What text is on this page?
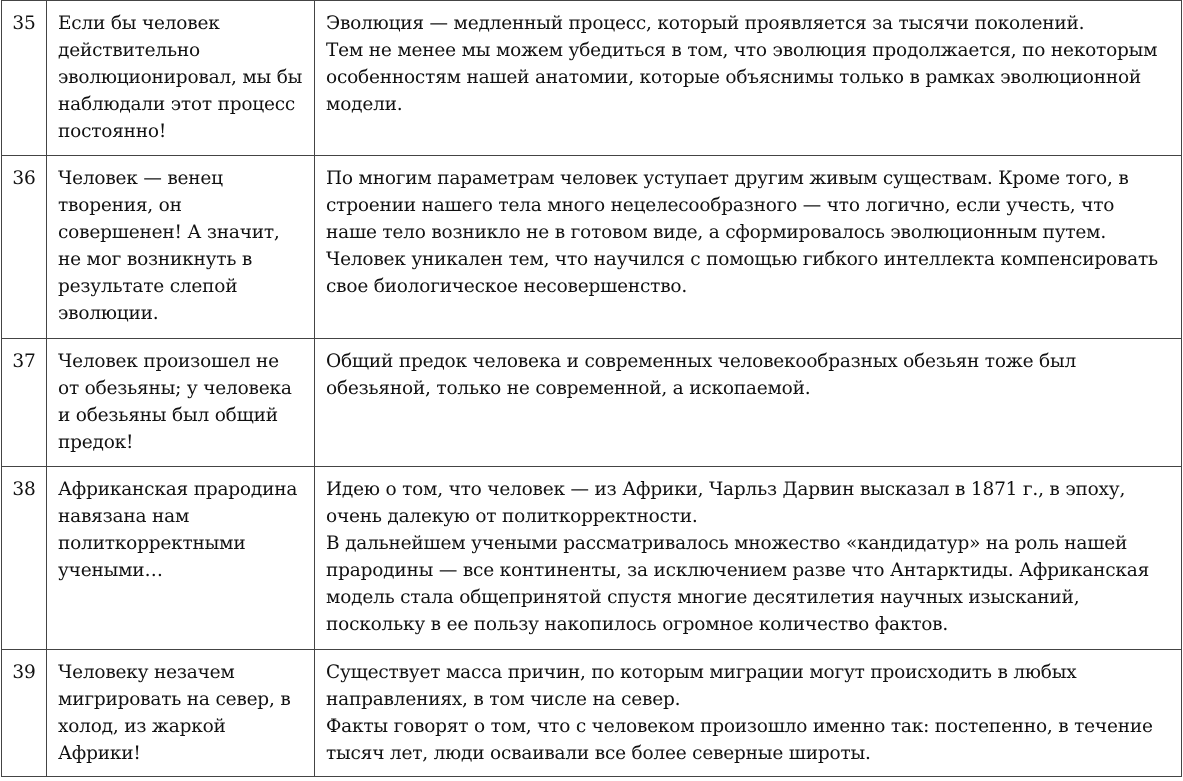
35	Если бы человек действительно эволюционировал, мы бы наблюдали этот процесс постоянно!	Эволюция — медленный процесс, который проявляется за тысячи поколений.

Тем не менее мы можем убедиться в том, что эволюция продолжается, по некоторым особенностям нашей анатомии, которые объяснимы только в рамках эволюционной модели.

36	Человек — венец творения, он совершенен! А значит, не мог возникнуть в результате слепой эволюции.	По многим параметрам человек уступает другим живым существам. Кроме того, в строении нашего тела много нецелесообразного — что логично, если учесть, что наше тело возникло не в готовом виде, а сформировалось эволюционным путем.

Человек уникален тем, что научился с помощью гибкого интеллекта компенсировать свое биологическое несовершенство.

37	Человек произошел не от обезьяны; у человека и обезьяны был общий предок!	Общий предок человека и современных человекообразных обезьян тоже был обезьяной, только не современной, а ископаемой.

38	Африканская прародина навязана нам политкорректными учеными…	Идею о том, что человек — из Африки, Чарльз Дарвин высказал в 1871 г., в эпоху, очень далекую от политкорректности.

В дальнейшем учеными рассматривалось множество «кандидатур» на роль нашей прародины — все континенты, за исключением разве что Антарктиды. Африканская модель стала общепринятой спустя многие десятилетия научных изысканий, поскольку в ее пользу накопилось огромное количество фактов.

39	Человеку незачем мигрировать на север, в холод, из жаркой Африки!	Существует масса причин, по которым миграции могут происходить в любых направлениях, в том числе на север.

Факты говорят о том, что с человеком произошло именно так: постепенно, в течение тысяч лет, люди осваивали все более северные широты.
